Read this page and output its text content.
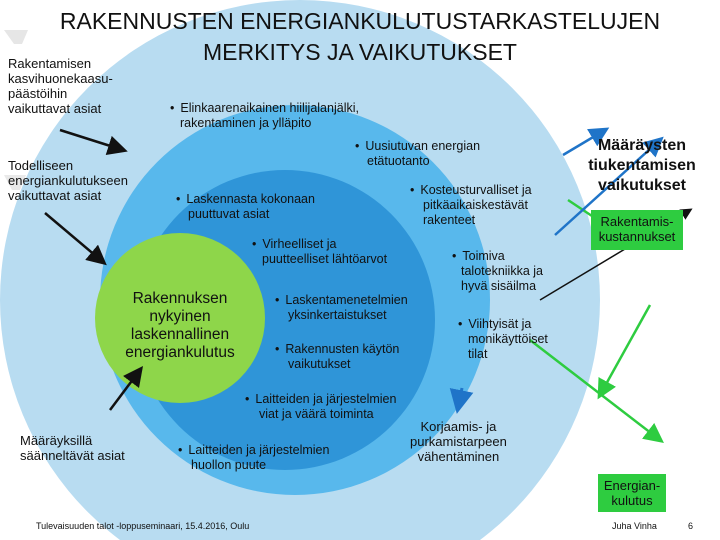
RAKENNUSTEN ENERGIANKULUTUSTARKASTELUJEN
MERKITYS JA VAIKUTUKSET
Rakentamisen
kasvihuonekaasu-
päästöihin
vaikuttavat asiat
Todelliseen
energiankulutukseen
vaikuttavat asiat
Määräyksillä
säänneltävät asiat
Rakennuksen
nykyinen
laskennallinen
energiankulutus
• Elinkaarenaikainen hiilijalanjälki,
rakentaminen ja ylläpito
• Uusiutuvan energian
etätuotanto
• Laskennasta kokonaan
puuttuvat asiat
• Kosteusturvalliset ja
pitkäaikaiskestävät
rakenteet
• Virheelliset ja
puutteelliset lähtöarvot
•	Toimiva
talotekniikka ja
hyvä sisäilma
• Laskentamenetelmien
yksinkertaistukset
• Viihtyisät ja
monikäyttöiset
tilat
• Rakennusten käytön
vaikutukset
• Laitteiden ja järjestelmien
viat ja väärä toiminta
• Laitteiden ja järjestelmien
huollon puute
Korjaamis- ja
purkamistarpeen
vähentäminen
Määräysten
tiukentamisen
vaikutukset
Rakentamis-
kustannukset
Energian-
kulutus
Tulevaisuuden talot -loppuseminaari, 15.4.2016, Oulu	Juha Vinha	6
